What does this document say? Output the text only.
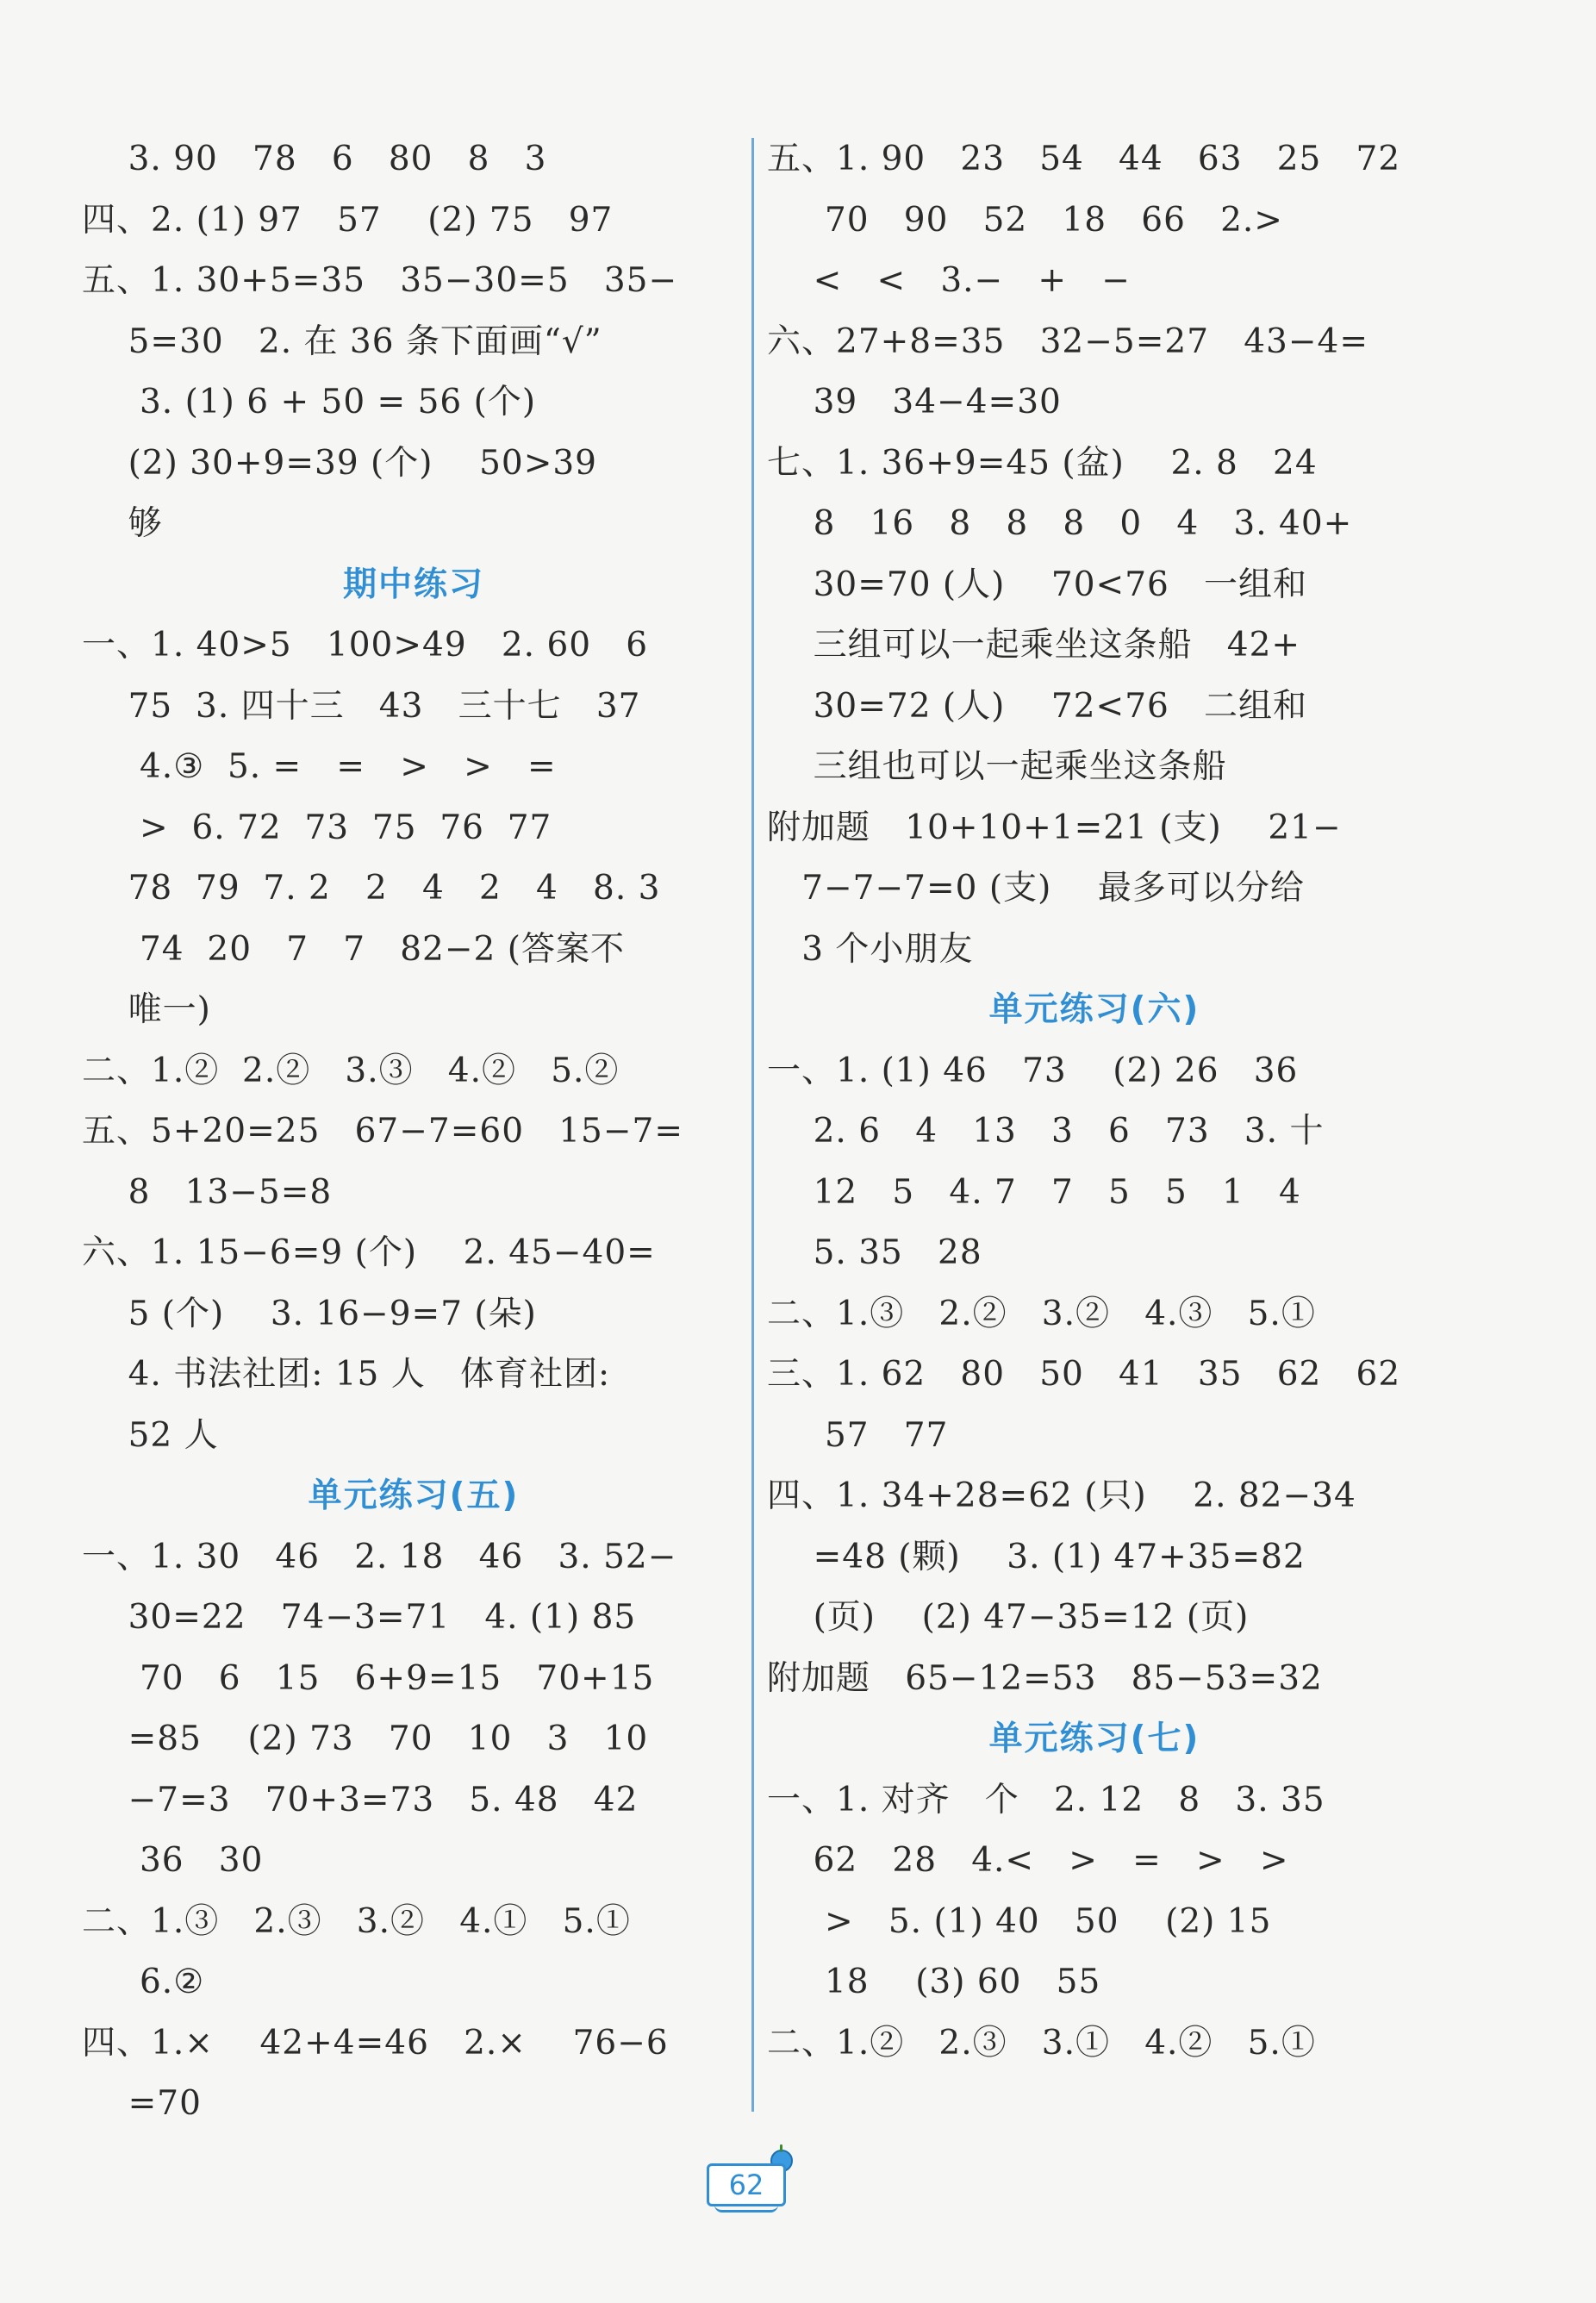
3. 90   78   6   80   8   3
四、2. (1) 97   57    (2) 75   97
五、1. 30+5=35   35−30=5   35−
5=30   2. 在 36 条下面画“√”
3. (1) 6 + 50 = 56 (个)
(2) 30+9=39 (个)    50>39
够
期中练习
一、1. 40>5   100>49   2. 60   6
75  3. 四十三   43   三十七   37
4.③  5. =   =   >   >   =
>  6. 72  73  75  76  77
78  79  7. 2   2   4   2   4   8. 3
74  20   7   7   82−2 (答案不
唯一)
二、1.②  2.②   3.③   4.②   5.②
五、5+20=25   67−7=60   15−7=
8   13−5=8
六、1. 15−6=9 (个)    2. 45−40=
5 (个)    3. 16−9=7 (朵)
4. 书法社团: 15 人   体育社团:
52 人
单元练习(五)
一、1. 30   46   2. 18   46   3. 52−
30=22   74−3=71   4. (1) 85
70   6   15   6+9=15   70+15
=85    (2) 73   70   10   3   10
−7=3   70+3=73   5. 48   42
36   30
二、1.③   2.③   3.②   4.①   5.①
6.②
四、1.×    42+4=46   2.×    76−6
=70
五、1. 90   23   54   44   63   25   72
70   90   52   18   66   2.>
<   <   3.−   +   −
六、27+8=35   32−5=27   43−4=
39   34−4=30
七、1. 36+9=45 (盆)    2. 8   24
8   16   8   8   8   0   4   3. 40+
30=70 (人)    70<76   一组和
三组可以一起乘坐这条船   42+
30=72 (人)    72<76   二组和
三组也可以一起乘坐这条船
附加题   10+10+1=21 (支)    21−
7−7−7=0 (支)    最多可以分给
3 个小朋友
单元练习(六)
一、1. (1) 46   73    (2) 26   36
2. 6   4   13   3   6   73   3. 十
12   5   4. 7   7   5   5   1   4
5. 35   28
二、1.③   2.②   3.②   4.③   5.①
三、1. 62   80   50   41   35   62   62
57   77
四、1. 34+28=62 (只)    2. 82−34
=48 (颗)    3. (1) 47+35=82
(页)    (2) 47−35=12 (页)
附加题   65−12=53   85−53=32
单元练习(七)
一、1. 对齐   个   2. 12   8   3. 35
62   28   4.<   >   =   >   >
>   5. (1) 40   50    (2) 15
18    (3) 60   55
二、1.②   2.③   3.①   4.②   5.①
62
